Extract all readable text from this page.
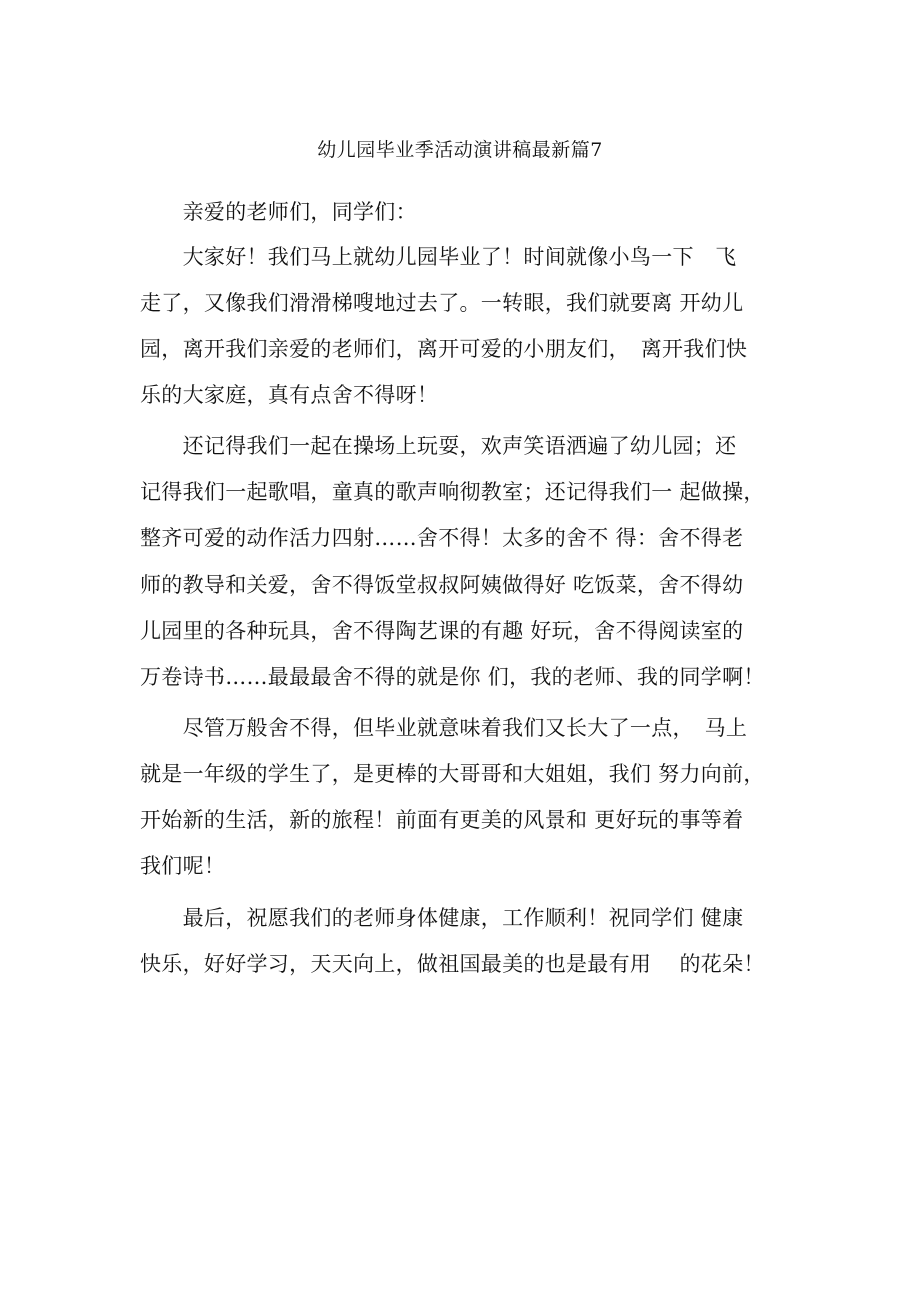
幼儿园毕业季活动演讲稿最新篇7
　　亲爱的老师们，同学们：
　　大家好！我们马上就幼儿园毕业了！时间就像小鸟一下　飞
走了，又像我们滑滑梯嗖地过去了。一转眼，我们就要离 开幼儿
园，离开我们亲爱的老师们，离开可爱的小朋友们，　离开我们快
乐的大家庭，真有点舍不得呀！
　　还记得我们一起在操场上玩耍，欢声笑语洒遍了幼儿园；还
记得我们一起歌唱，童真的歌声响彻教室；还记得我们一 起做操，
整齐可爱的动作活力四射……舍不得！太多的舍不 得：舍不得老
师的教导和关爱，舍不得饭堂叔叔阿姨做得好 吃饭菜，舍不得幼
儿园里的各种玩具，舍不得陶艺课的有趣 好玩，舍不得阅读室的
万卷诗书……最最最舍不得的就是你 们，我的老师、我的同学啊！
　　尽管万般舍不得，但毕业就意味着我们又长大了一点，　马上
就是一年级的学生了，是更棒的大哥哥和大姐姐，我们 努力向前，
开始新的生活，新的旅程！前面有更美的风景和 更好玩的事等着
我们呢！
　　最后，祝愿我们的老师身体健康，工作顺利！祝同学们 健康
快乐，好好学习，天天向上，做祖国最美的也是最有用　 的花朵！
